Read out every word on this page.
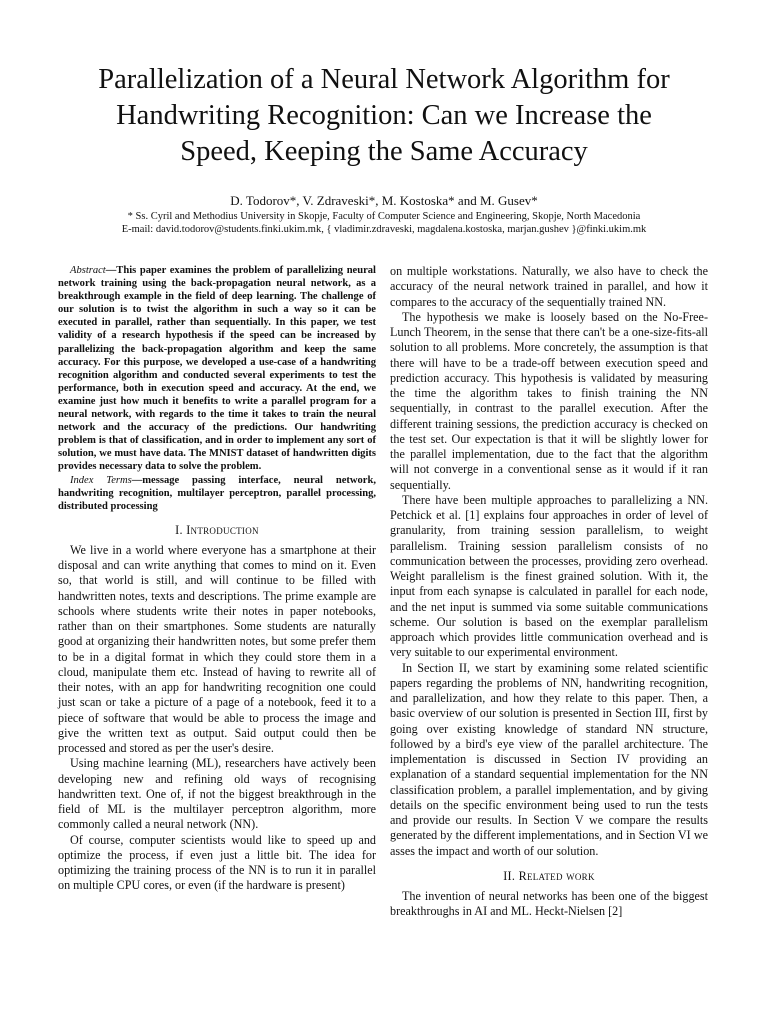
Parallelization of a Neural Network Algorithm for
Handwriting Recognition: Can we Increase the
Speed, Keeping the Same Accuracy
D. Todorov*, V. Zdraveski*, M. Kostoska* and M. Gusev*
* Ss. Cyril and Methodius University in Skopje, Faculty of Computer Science and Engineering, Skopje, North Macedonia
E-mail: david.todorov@students.finki.ukim.mk, { vladimir.zdraveski, magdalena.kostoska, marjan.gushev }@finki.ukim.mk

Abstract—This paper examines the problem of parallelizing neural network training using the back-propagation neural network, as a breakthrough example in the field of deep learning. The challenge of our solution is to twist the algorithm in such a way so it can be executed in parallel, rather than sequentially. In this paper, we test validity of a research hypothesis if the speed can be increased by parallelizing the back-propagation algorithm and keep the same accuracy. For this purpose, we developed a use-case of a handwriting recognition algorithm and conducted several experiments to test the performance, both in execution speed and accuracy. At the end, we examine just how much it benefits to write a parallel program for a neural network, with regards to the time it takes to train the neural network and the accuracy of the predictions. Our handwriting problem is that of classification, and in order to implement any sort of solution, we must have data. The MNIST dataset of handwritten digits provides necessary data to solve the problem.

Index Terms—message passing interface, neural network, handwriting recognition, multilayer perceptron, parallel processing, distributed processing

I. Introduction

We live in a world where everyone has a smartphone at their disposal and can write anything that comes to mind on it. Even so, that world is still, and will continue to be filled with handwritten notes, texts and descriptions. The prime example are schools where students write their notes in paper notebooks, rather than on their smartphones. Some students are naturally good at organizing their handwritten notes, but some prefer them to be in a digital format in which they could store them in a cloud, manipulate them etc. Instead of having to rewrite all of their notes, with an app for handwriting recognition one could just scan or take a picture of a page of a notebook, feed it to a piece of software that would be able to process the image and give the written text as output. Said output could then be processed and stored as per the user's desire.

Using machine learning (ML), researchers have actively been developing new and refining old ways of recognising handwritten text. One of, if not the biggest breakthrough in the field of ML is the multilayer perceptron algorithm, more commonly called a neural network (NN).

Of course, computer scientists would like to speed up and optimize the process, if even just a little bit. The idea for optimizing the training process of the NN is to run it in parallel on multiple CPU cores, or even (if the hardware is present)

on multiple workstations. Naturally, we also have to check the accuracy of the neural network trained in parallel, and how it compares to the accuracy of the sequentially trained NN.

The hypothesis we make is loosely based on the No-Free-Lunch Theorem, in the sense that there can't be a one-size-fits-all solution to all problems. More concretely, the assumption is that there will have to be a trade-off between execution speed and prediction accuracy. This hypothesis is validated by measuring the time the algorithm takes to finish training the NN sequentially, in contrast to the parallel execution. After the different training sessions, the prediction accuracy is checked on the test set. Our expectation is that it will be slightly lower for the parallel implementation, due to the fact that the algorithm will not converge in a conventional sense as it would if it ran sequentially.

There have been multiple approaches to parallelizing a NN. Petchick et al. [1] explains four approaches in order of level of granularity, from training session parallelism, to weight parallelism. Training session parallelism consists of no communication between the processes, providing zero overhead. Weight parallelism is the finest grained solution. With it, the input from each synapse is calculated in parallel for each node, and the net input is summed via some suitable communications scheme. Our solution is based on the exemplar parallelism approach which provides little communication overhead and is very suitable to our experimental environment.

In Section II, we start by examining some related scientific papers regarding the problems of NN, handwriting recognition, and parallelization, and how they relate to this paper. Then, a basic overview of our solution is presented in Section III, first by going over existing knowledge of standard NN structure, followed by a bird's eye view of the parallel architecture. The implementation is discussed in Section IV providing an explanation of a standard sequential implementation for the NN classification problem, a parallel implementation, and by giving details on the specific environment being used to run the tests and provide our results. In Section V we compare the results generated by the different implementations, and in Section VI we asses the impact and worth of our solution.

II. Related work

The invention of neural networks has been one of the biggest breakthroughs in AI and ML. Heckt-Nielsen [2]
